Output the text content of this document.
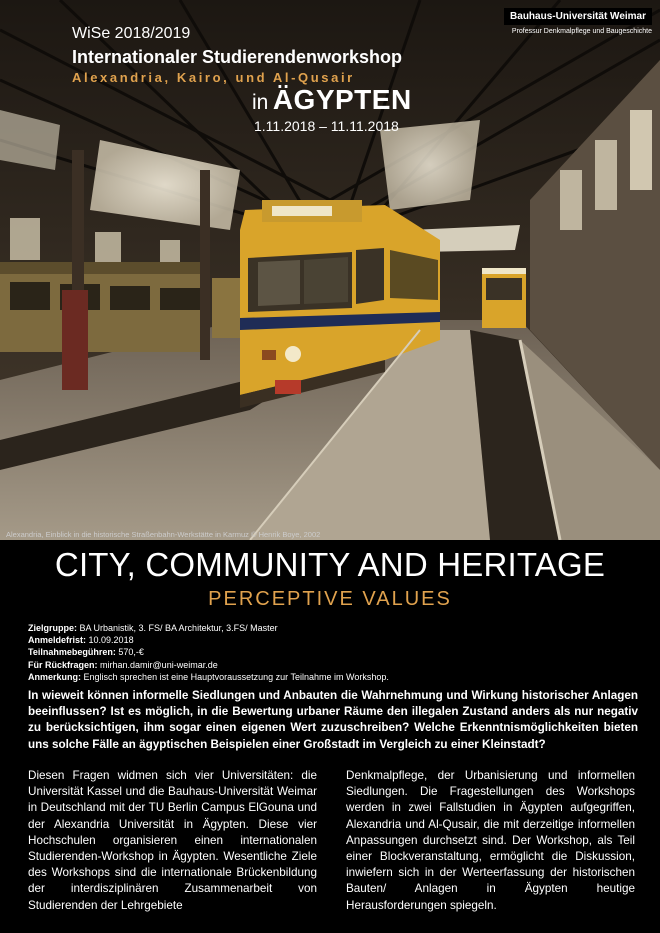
WiSe 2018/2019
Internationaler Studierendenworkshop
Alexandria, Kairo, und Al-Qusair
in ÄGYPTEN
1.11.2018 – 11.11.2018
Bauhaus-Universität Weimar
Professur Denkmalpflege und Baugeschichte
Alexandria, Einblick in die historische Straßenbahn-Werkstätte in Karmuz © Henrik Boye, 2002
CITY, COMMUNITY AND HERITAGE
PERCEPTIVE VALUES
Zielgruppe: BA Urbanistik, 3. FS/ BA Architektur, 3.FS/ Master
Anmeldefrist: 10.09.2018
Teilnahmebegühren: 570,-€
Für Rückfragen: mirhan.damir@uni-weimar.de
Anmerkung: Englisch sprechen ist eine Hauptvoraussetzung zur Teilnahme im Workshop.
In wieweit können informelle Siedlungen und Anbauten die Wahrnehmung und Wirkung historischer Anlagen beeinflussen? Ist es möglich, in die Bewertung urbaner Räume den illegalen Zustand anders als nur negativ zu berücksichtigen, ihm sogar einen eigenen Wert zuzuschreiben? Welche Erkenntnismöglichkeiten bieten uns solche Fälle an ägyptischen Beispielen einer Großstadt im Vergleich zu einer Kleinstadt?
Diesen Fragen widmen sich vier Universitäten: die Universität Kassel und die Bauhaus-Universität Weimar in Deutschland mit der TU Berlin Campus ElGouna und der Alexandria Universität in Ägypten. Diese vier Hochschulen organisieren einen internationalen Studierenden-Workshop in Ägypten. Wesentliche Ziele des Workshops sind die internationale Brückenbildung der interdisziplinären Zusammenarbeit von Studierenden der Lehrgebiete
Denkmalpflege, der Urbanisierung und informellen Siedlungen. Die Fragestellungen des Workshops werden in zwei Fallstudien in Ägypten aufgegriffen, Alexandria und Al-Qusair, die mit derzeitige informellen Anpassungen durchsetzt sind. Der Workshop, als Teil einer Blockveranstaltung, ermöglicht die Diskussion, inwiefern sich in der Werteerfassung der historischen Bauten/ Anlagen in Ägypten heutige Herausforderungen spiegeln.
